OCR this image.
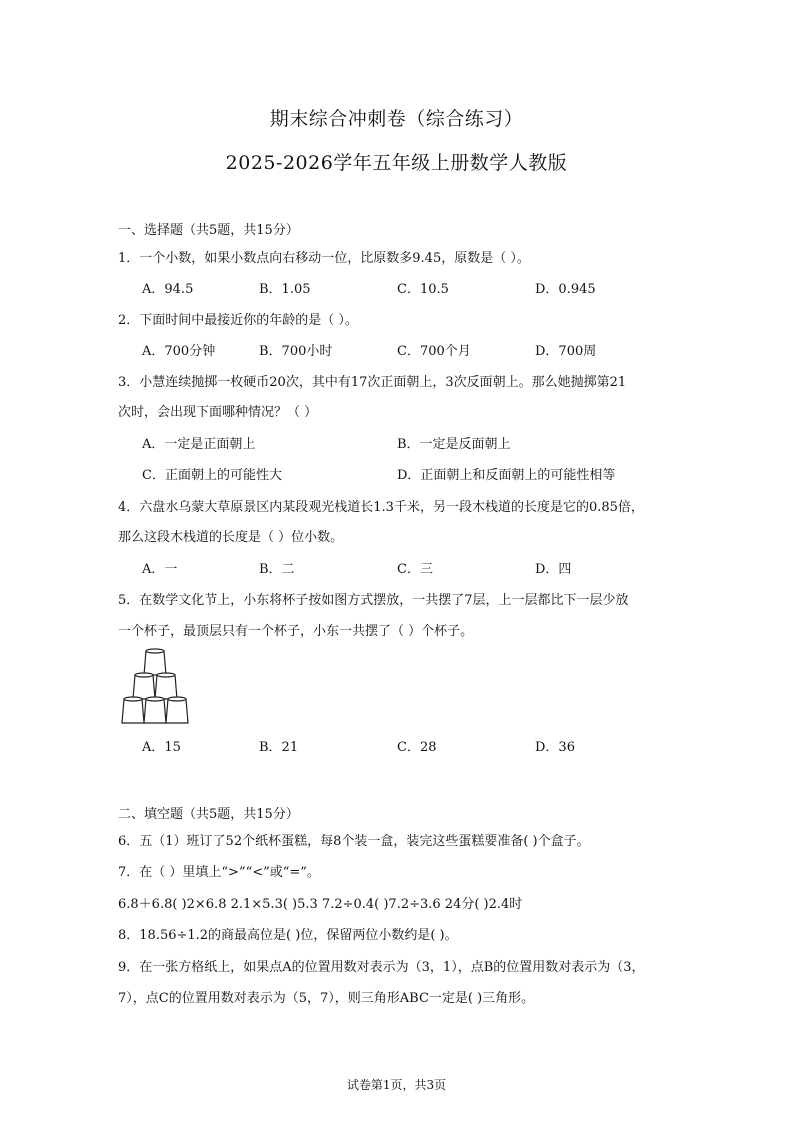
期末综合冲刺卷（综合练习）
2025-2026学年五年级上册数学人教版
一、选择题（共5题，共15分）
1．一个小数，如果小数点向右移动一位，比原数多9.45，原数是（ ）。
A．94.5	B．1.05	C．10.5	D．0.945
2．下面时间中最接近你的年龄的是（ ）。
A．700分钟	B．700小时	C．700个月	D．700周
3．小慧连续抛掷一枚硬币20次，其中有17次正面朝上，3次反面朝上。那么她抛掷第21
次时，会出现下面哪种情况？（ ）
A．一定是正面朝上	B．一定是反面朝上
C．正面朝上的可能性大	D．正面朝上和反面朝上的可能性相等
4．六盘水乌蒙大草原景区内某段观光栈道长1.3千米，另一段木栈道的长度是它的0.85倍，
那么这段木栈道的长度是（ ）位小数。
A．一	B．二	C．三	D．四
5．在数学文化节上，小东将杯子按如图方式摆放，一共摆了7层，上一层都比下一层少放
一个杯子，最顶层只有一个杯子，小东一共摆了（ ）个杯子。
A．15	B．21	C．28	D．36
二、填空题（共5题，共15分）
6．五（1）班订了52个纸杯蛋糕，每8个装一盒，装完这些蛋糕要准备( )个盒子。
7．在（ ）里填上“>”“<”或“=”。
6.8＋6.8( )2×6.8 2.1×5.3( )5.3 7.2÷0.4( )7.2÷3.6 24分( )2.4时
8．18.56÷1.2的商最高位是( )位，保留两位小数约是( )。
9．在一张方格纸上，如果点A的位置用数对表示为（3，1），点B的位置用数对表示为（3，
7），点C的位置用数对表示为（5，7），则三角形ABC一定是( )三角形。
试卷第1页，共3页
